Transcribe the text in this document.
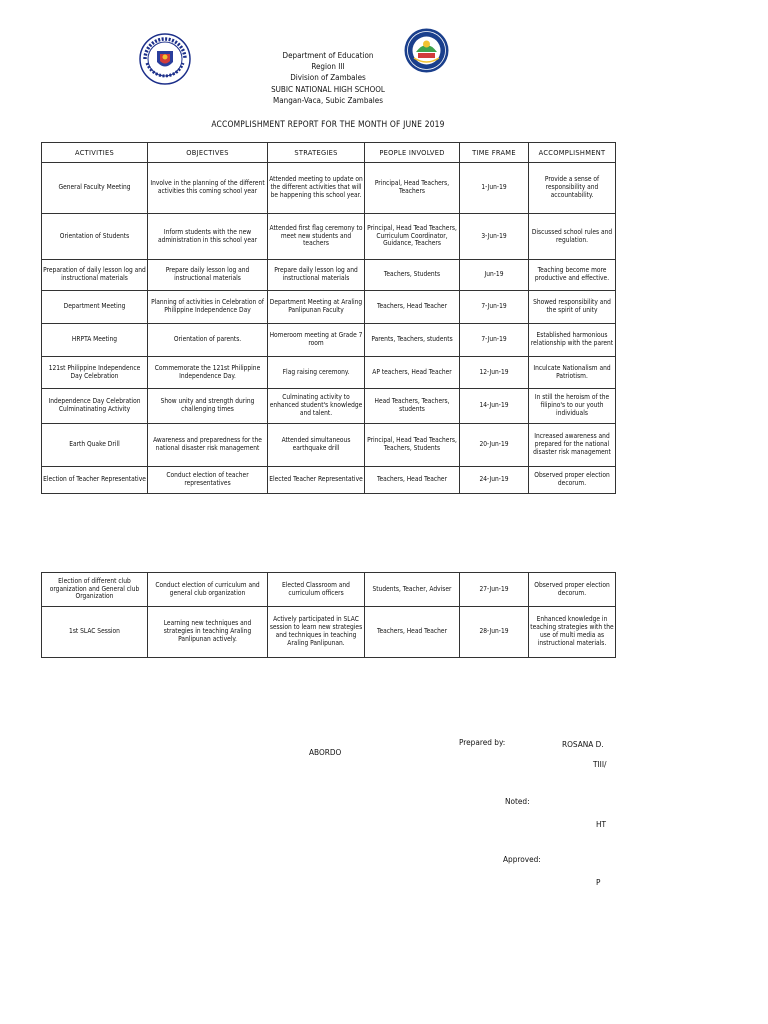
Department of Education
Region III
Division of Zambales
SUBIC NATIONAL HIGH SCHOOL
Mangan-Vaca, Subic Zambales
ACCOMPLISHMENT REPORT FOR THE MONTH OF JUNE 2019
ACTIVITIES	OBJECTIVES	STRATEGIES	PEOPLE INVOLVED	TIME FRAME	ACCOMPLISHMENT
General Faculty Meeting	Involve in the planning of the different activities this coming school year	Attended meeting to update on the different activities that will be happening this school year.	Principal, Head Teachers, Teachers	1-Jun-19	Provide a sense of responsibility and accountability.
Orientation of Students	Inform students with the new administration in this school year	Attended first flag ceremony to meet new students and teachers	Principal, Head Tead Teachers, Curriculum Coordinator, Guidance, Teachers	3-Jun-19	Discussed school rules and regulation.
Preparation of daily lesson log and instructional materials	Prepare daily lesson log and instructional materials	Prepare daily lesson log and instructional materials	Teachers, Students	Jun-19	Teaching become more productive and effective.
Department Meeting	Planning of activities in Celebration of Philippine Independence Day	Department Meeting at Araling Panlipunan Faculty	Teachers, Head Teacher	7-Jun-19	Showed responsibility and the spirit of unity
HRPTA Meeting	Orientation of parents.	Homeroom meeting at Grade 7 room	Parents, Teachers, students	7-Jun-19	Established harmonious relationship with the parent
121st Philippine Independence Day Celebration	Commemorate the 121st Philippine Independence Day.	Flag raising ceremony.	AP teachers, Head Teacher	12-Jun-19	Inculcate Nationalism and Patriotism.
Independence Day Celebration Culminatinating Activity	Show unity and strength during challenging times	Culminating activity to enhanced student's knowledge and talent.	Head Teachers, Teachers, students	14-Jun-19	In still the heroism of the filipino's to our youth individuals
Earth Quake Drill	Awareness and preparedness for the national disaster risk management	Attended simultaneous earthquake drill	Principal, Head Tead Teachers, Teachers, Students	20-Jun-19	Increased awareness and prepared for the national disaster risk management
Election of Teacher Representative	Conduct election of teacher representatives	Elected Teacher Representative	Teachers, Head Teacher	24-Jun-19	Observed proper election decorum.
Election of different club organization and General club Organization	Conduct election of curriculum and general club organization	Elected Classroom and curriculum officers	Students, Teacher, Adviser	27-Jun-19	Observed proper election decorum.
1st SLAC Session	Learning new techniques and strategies in teaching Araling Panlipunan actively.	Actively participated in SLAC session to learn new strategies and techniques in teaching Araling Panlipunan.	Teachers, Head Teacher	28-Jun-19	Enhanced knowledge in teaching strategies with the use of multi media as instructional materials.
Prepared by:	ROSANA D.
ABORDO
TIII/
Noted:
HT
Approved:
P
